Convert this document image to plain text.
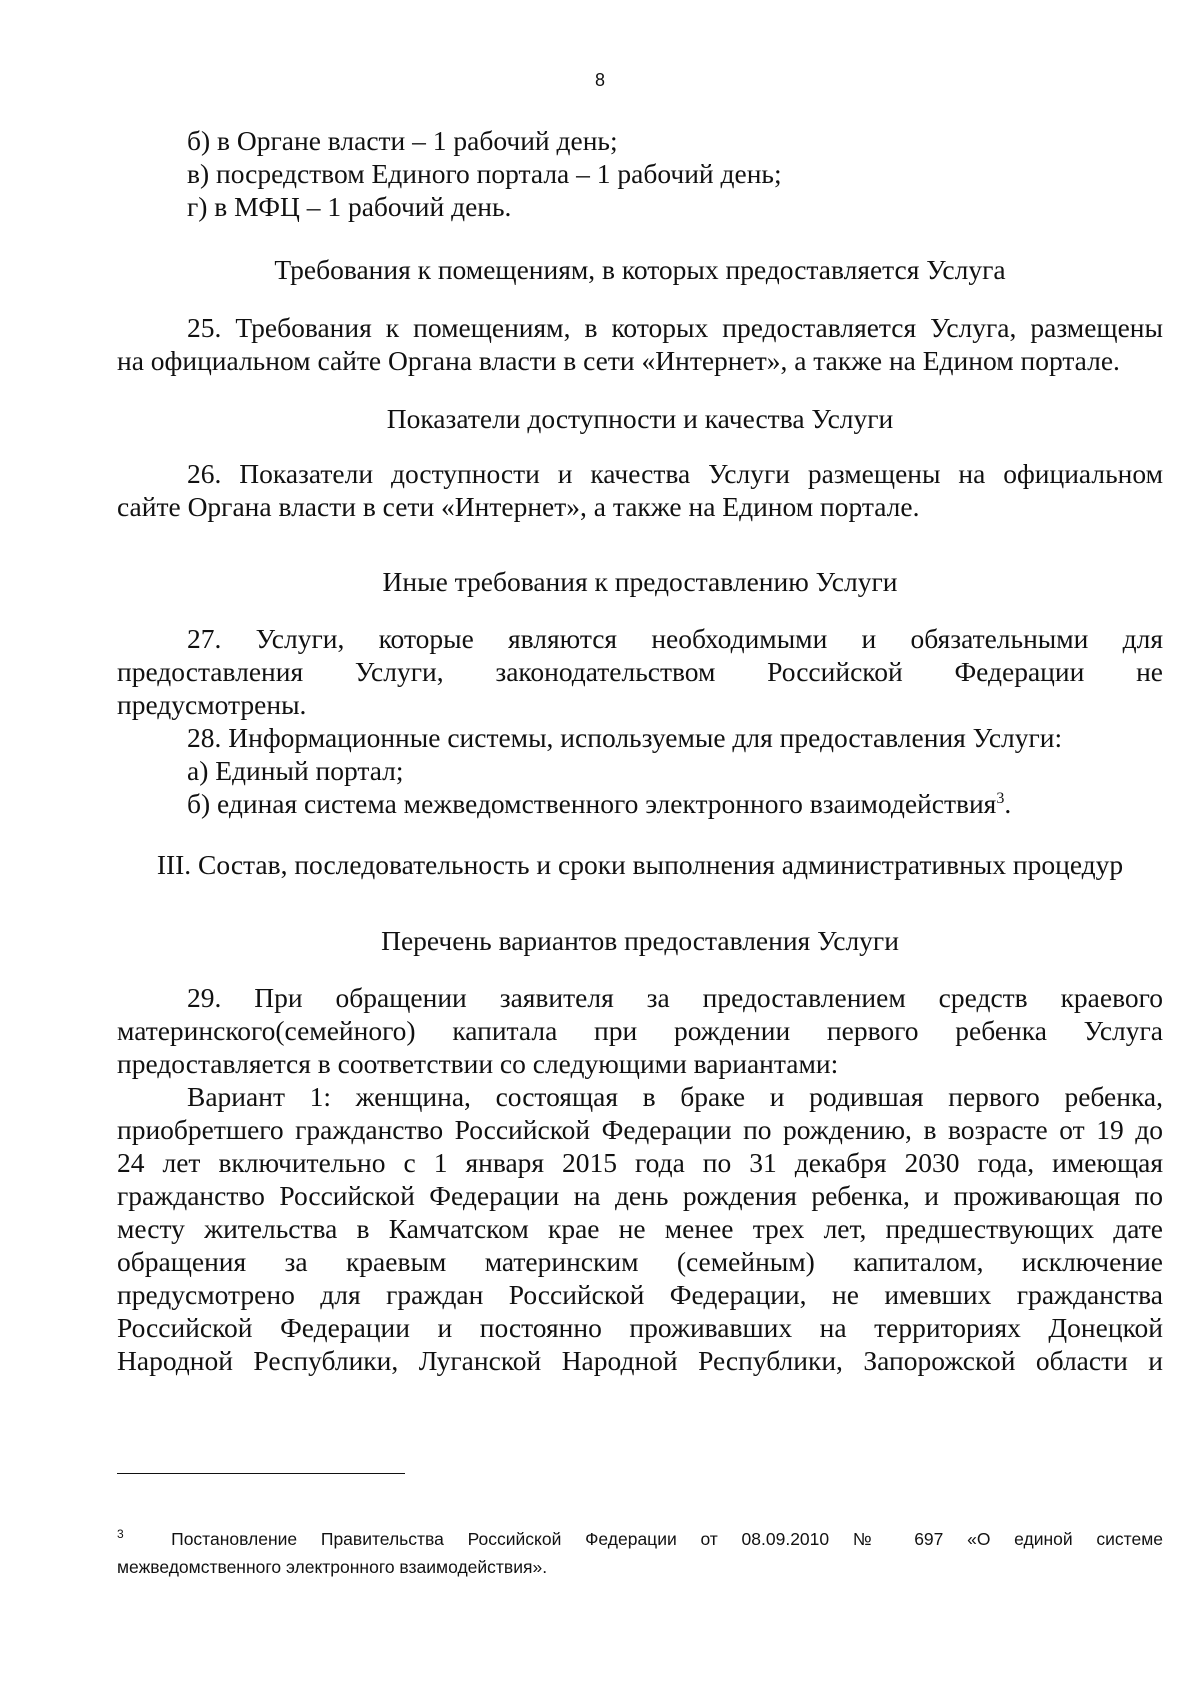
8

б) в Органе власти – 1 рабочий день;

в) посредством Единого портала – 1 рабочий день;

г) в МФЦ – 1 рабочий день.

Требования к помещениям, в которых предоставляется Услуга

25. Требования к помещениям, в которых предоставляется Услуга, размещены

на официальном сайте Органа власти в сети «Интернет», а также на Едином портале.

Показатели доступности и качества Услуги

26. Показатели доступности и качества Услуги размещены на официальном

сайте Органа власти в сети «Интернет», а также на Едином портале.

Иные требования к предоставлению Услуги

27. Услуги, которые являются необходимыми и обязательными для

предоставления Услуги, законодательством Российской Федерации не

предусмотрены.

28. Информационные системы, используемые для предоставления Услуги:

а) Единый портал;

б) единая система межведомственного электронного взаимодействия$^3$.

III. Состав, последовательность и сроки выполнения административных процедур

Перечень вариантов предоставления Услуги

29. При обращении заявителя за предоставлением средств краевого

материнского(семейного) капитала при рождении первого ребенка Услуга

предоставляется в соответствии со следующими вариантами:

Вариант 1: женщина, состоящая в браке и родившая первого ребенка,

приобретшего гражданство Российской Федерации по рождению, в возрасте от 19 до

24 лет включительно с 1 января 2015 года по 31 декабря 2030 года, имеющая

гражданство Российской Федерации на день рождения ребенка, и проживающая по

месту жительства в Камчатском крае не менее трех лет, предшествующих дате

обращения за краевым материнским (семейным) капиталом, исключение

предусмотрено для граждан Российской Федерации, не имевших гражданства

Российской Федерации и постоянно проживавших на территориях Донецкой

Народной Республики, Луганской Народной Республики, Запорожской области и

$^3$	Постановление Правительства Российской Федерации от 08.09.2010 № 697 «О единой системе
межведомственного электронного взаимодействия».
